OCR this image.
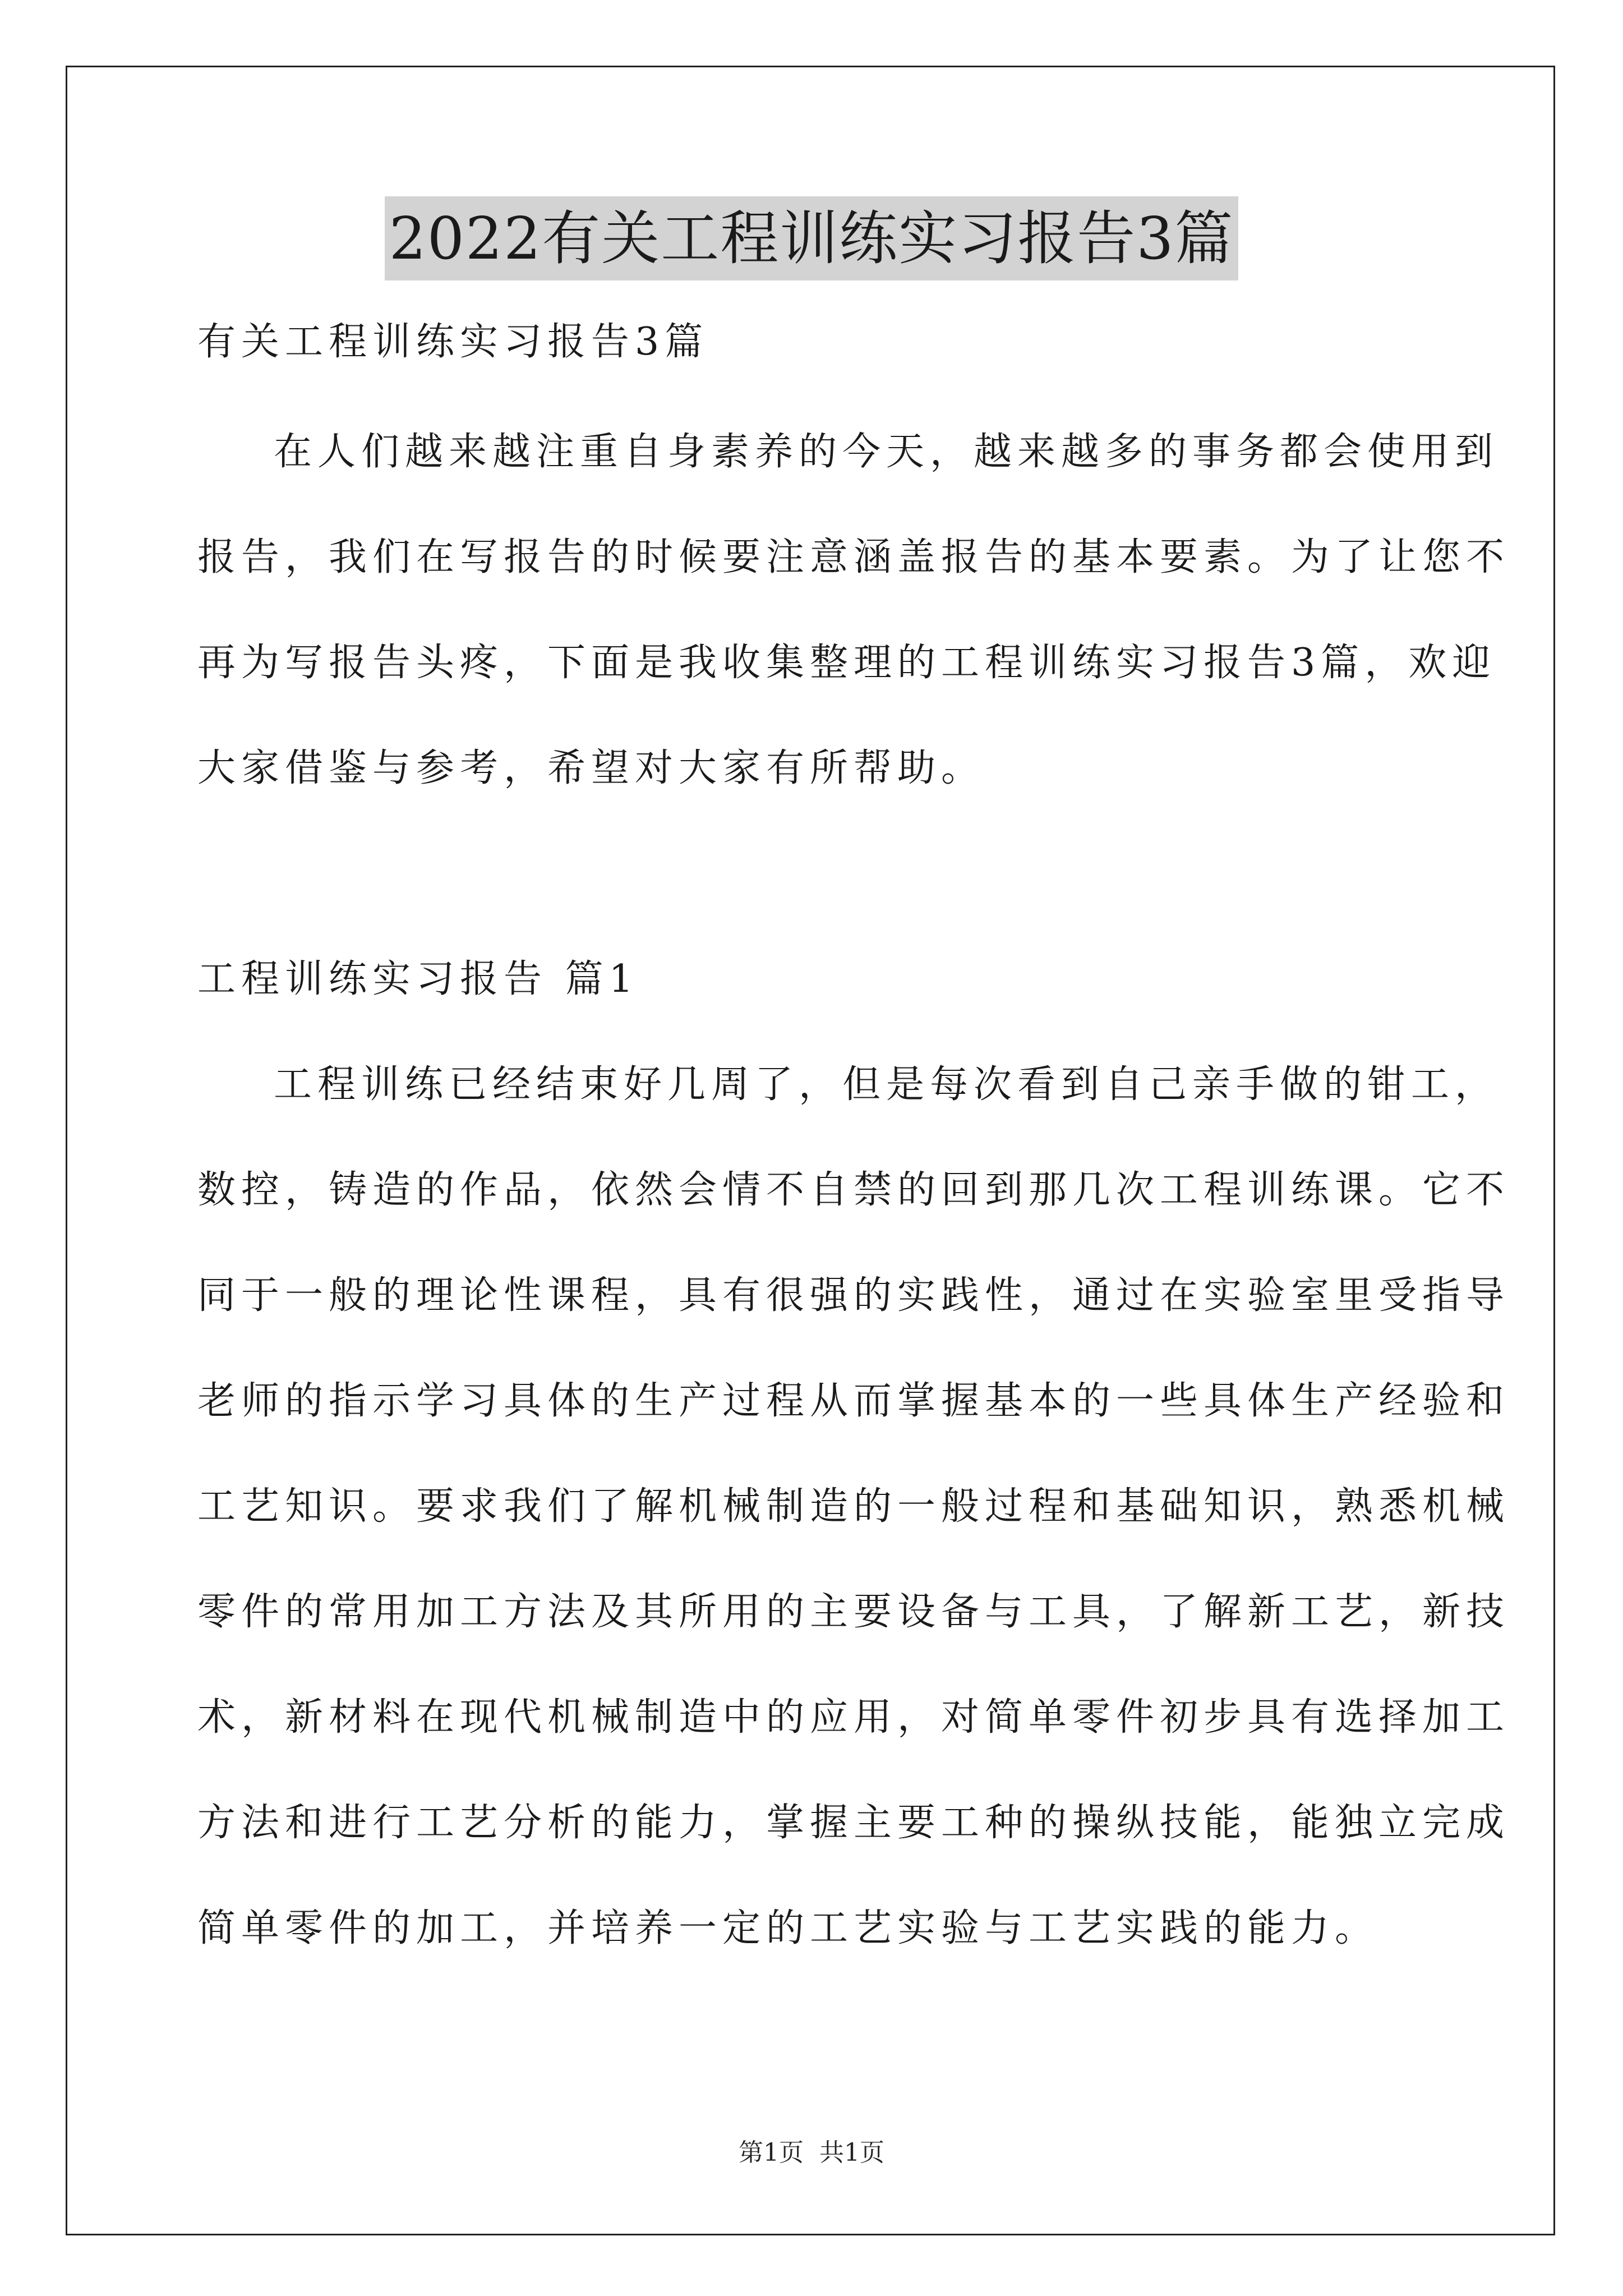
2022有关工程训练实习报告3篇
有关工程训练实习报告3篇
在人们越来越注重自身素养的今天，越来越多的事务都会使用到
报告，我们在写报告的时候要注意涵盖报告的基本要素。为了让您不
再为写报告头疼，下面是我收集整理的工程训练实习报告3篇，欢迎
大家借鉴与参考，希望对大家有所帮助。
工程训练实习报告 篇1
工程训练已经结束好几周了，但是每次看到自己亲手做的钳工，
数控，铸造的作品，依然会情不自禁的回到那几次工程训练课。它不
同于一般的理论性课程，具有很强的实践性，通过在实验室里受指导
老师的指示学习具体的生产过程从而掌握基本的一些具体生产经验和
工艺知识。要求我们了解机械制造的一般过程和基础知识，熟悉机械
零件的常用加工方法及其所用的主要设备与工具，了解新工艺，新技
术，新材料在现代机械制造中的应用，对简单零件初步具有选择加工
方法和进行工艺分析的能力，掌握主要工种的操纵技能，能独立完成
简单零件的加工，并培养一定的工艺实验与工艺实践的能力。
第1页 共1页
